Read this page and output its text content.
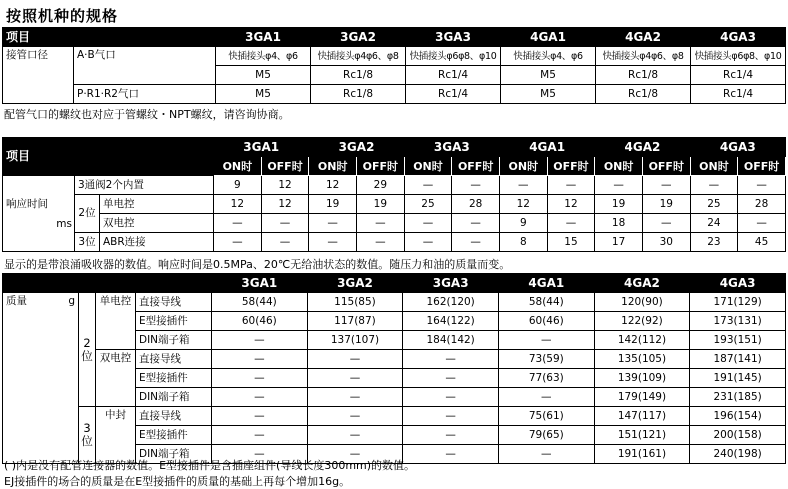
按照机种的规格
项目		3GA1	3GA2	3GA3	4GA1	4GA2	4GA3
接管口径	A·B气口	快插接头φ4、φ6	快插接头φ4φ6、φ8	快插接头φ6φ8、φ10	快插接头φ4、φ6	快插接头φ4φ6、φ8	快插接头φ6φ8、φ10
		M5	Rc1/8	Rc1/4	M5	Rc1/8	Rc1/4
	P·R1·R2气口	M5	Rc1/8	Rc1/4	M5	Rc1/8	Rc1/4
配管气口的螺纹也对应于管螺纹・NPT螺纹，请咨询协商。
项目			3GA1		3GA2		3GA3		4GA1		4GA2		4GA3	
			ON时	OFF时	ON时	OFF时	ON时	OFF时	ON时	OFF时	ON时	OFF时	ON时	OFF时

响应时间
ms	3通阀2个内置		9	12	12	29	—	—	—	—	—	—	—	—
	2位	单电控	12	12	19	19	25	28	12	12	19	19	25	28
		双电控	—	—	—	—	—	—	9	—	18	—	24	—
	3位	ABR连接	—	—	—	—	—	—	8	15	17	30	23	45
显示的是带浪涌吸收器的数值。响应时间是0.5MPa、20℃无给油状态的数值。随压力和油的质量而变。
				3GA1	3GA2	3GA3	4GA1	4GA2	4GA3

质量 g	2
位	单电控	直接导线	58(44)	115(85)	162(120)	58(44)	120(90)	171(129)
			E型接插件	60(46)	117(87)	164(122)	60(46)	122(92)	173(131)
			DIN端子箱	—	137(107)	184(142)	—	142(112)	193(151)
		双电控	直接导线	—	—	—	73(59)	135(105)	187(141)
			E型接插件	—	—	—	77(63)	139(109)	191(145)
			DIN端子箱	—	—	—	—	179(149)	231(185)

	3
位	中封	直接导线	—	—	—	75(61)	147(117)	196(154)
			E型接插件	—	—	—	79(65)	151(121)	200(158)
			DIN端子箱	—	—	—	—	191(161)	240(198)
( )内是没有配管连接器的数值。E型接插件是含插座组件(导线长度300mm)的数值。
EJ接插件的场合的质量是在E型接插件的质量的基础上再每个增加16g。
